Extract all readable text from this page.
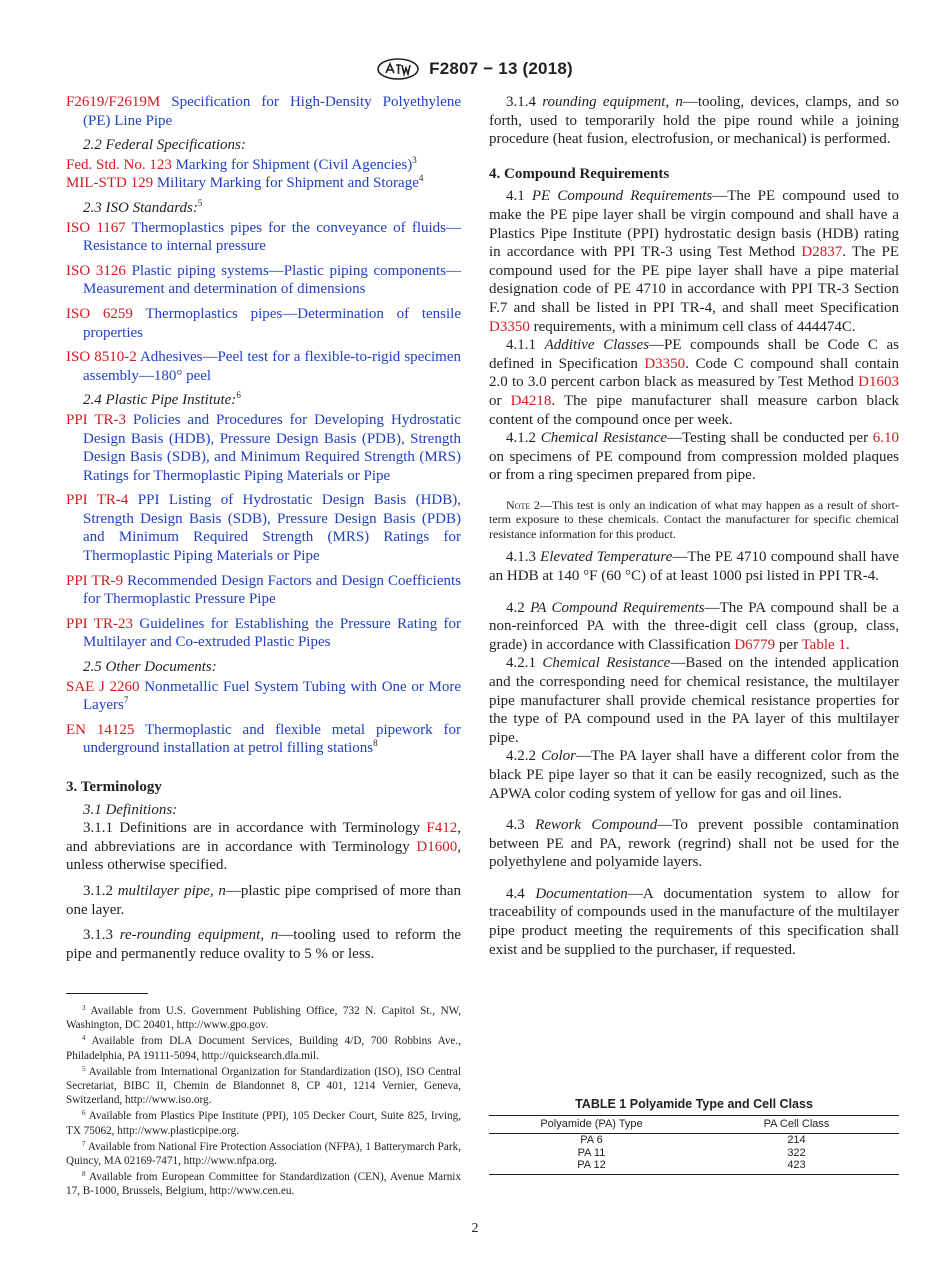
F2807 − 13 (2018)

F2619/F2619M Specification for High-Density Polyethylene (PE) Line Pipe

2.2 Federal Specifications:

Fed. Std. No. 123 Marking for Shipment (Civil Agencies)$^3$

MIL-STD 129 Military Marking for Shipment and Storage$^4$

2.3 ISO Standards:$^5$

ISO 1167 Thermoplastics pipes for the conveyance of fluids—Resistance to internal pressure

ISO 3126 Plastic piping systems—Plastic piping components—Measurement and determination of dimensions

ISO 6259 Thermoplastics pipes—Determination of tensile properties

ISO 8510-2 Adhesives—Peel test for a flexible-to-rigid specimen assembly—180° peel

2.4 Plastic Pipe Institute:$^6$

PPI TR-3 Policies and Procedures for Developing Hydrostatic Design Basis (HDB), Pressure Design Basis (PDB), Strength Design Basis (SDB), and Minimum Required Strength (MRS) Ratings for Thermoplastic Piping Materials or Pipe

PPI TR-4 PPI Listing of Hydrostatic Design Basis (HDB), Strength Design Basis (SDB), Pressure Design Basis (PDB) and Minimum Required Strength (MRS) Ratings for Thermoplastic Piping Materials or Pipe

PPI TR-9 Recommended Design Factors and Design Coefficients for Thermoplastic Pressure Pipe

PPI TR-23 Guidelines for Establishing the Pressure Rating for Multilayer and Co-extruded Plastic Pipes

2.5 Other Documents:

SAE J 2260 Nonmetallic Fuel System Tubing with One or More Layers$^7$

EN 14125 Thermoplastic and flexible metal pipework for underground installation at petrol filling stations$^8$

3. Terminology

3.1 Definitions:

3.1.1 Definitions are in accordance with Terminology F412, and abbreviations are in accordance with Terminology D1600, unless otherwise specified.

3.1.2 multilayer pipe, n—plastic pipe comprised of more than one layer.

3.1.3 re-rounding equipment, n—tooling used to reform the pipe and permanently reduce ovality to 5 % or less.

$^3$ Available from U.S. Government Publishing Office, 732 N. Capitol St., NW, Washington, DC 20401, http://www.gpo.gov.

$^4$ Available from DLA Document Services, Building 4/D, 700 Robbins Ave., Philadelphia, PA 19111-5094, http://quicksearch.dla.mil.

$^5$ Available from International Organization for Standardization (ISO), ISO Central Secretariat, BIBC II, Chemin de Blandonnet 8, CP 401, 1214 Vernier, Geneva, Switzerland, http://www.iso.org.

$^6$ Available from Plastics Pipe Institute (PPI), 105 Decker Court, Suite 825, Irving, TX 75062, http://www.plasticpipe.org.

$^7$ Available from National Fire Protection Association (NFPA), 1 Batterymarch Park, Quincy, MA 02169-7471, http://www.nfpa.org.

$^8$ Available from European Committee for Standardization (CEN), Avenue Marnix 17, B-1000, Brussels, Belgium, http://www.cen.eu.

3.1.4 rounding equipment, n—tooling, devices, clamps, and so forth, used to temporarily hold the pipe round while a joining procedure (heat fusion, electrofusion, or mechanical) is performed.

4. Compound Requirements

4.1 PE Compound Requirements—The PE compound used to make the PE pipe layer shall be virgin compound and shall have a Plastics Pipe Institute (PPI) hydrostatic design basis (HDB) rating in accordance with PPI TR-3 using Test Method D2837. The PE compound used for the PE pipe layer shall have a pipe material designation code of PE 4710 in accordance with PPI TR-3 Section F.7 and shall be listed in PPI TR-4, and shall meet Specification D3350 requirements, with a minimum cell class of 444474C.

4.1.1 Additive Classes—PE compounds shall be Code C as defined in Specification D3350. Code C compound shall contain 2.0 to 3.0 percent carbon black as measured by Test Method D1603 or D4218. The pipe manufacturer shall measure carbon black content of the compound once per week.

4.1.2 Chemical Resistance—Testing shall be conducted per 6.10 on specimens of PE compound from compression molded plaques or from a ring specimen prepared from pipe.

Note 2—This test is only an indication of what may happen as a result of short-term exposure to these chemicals. Contact the manufacturer for specific chemical resistance information for this product.

4.1.3 Elevated Temperature—The PE 4710 compound shall have an HDB at 140 °F (60 °C) of at least 1000 psi listed in PPI TR-4.

4.2 PA Compound Requirements—The PA compound shall be a non-reinforced PA with the three-digit cell class (group, class, grade) in accordance with Classification D6779 per Table 1.

4.2.1 Chemical Resistance—Based on the intended application and the corresponding need for chemical resistance, the multilayer pipe manufacturer shall provide chemical resistance properties for the type of PA compound used in the PA layer of this multilayer pipe.

4.2.2 Color—The PA layer shall have a different color from the black PE pipe layer so that it can be easily recognized, such as the APWA color coding system of yellow for gas and oil lines.

4.3 Rework Compound—To prevent possible contamination between PE and PA, rework (regrind) shall not be used for the polyethylene and polyamide layers.

4.4 Documentation—A documentation system to allow for traceability of compounds used in the manufacture of the multilayer pipe product meeting the requirements of this specification shall exist and be supplied to the purchaser, if requested.

TABLE 1 Polyamide Type and Cell Class
Polyamide (PA) Type	PA Cell Class
PA 6	214
PA 11	322
PA 12	423
2
